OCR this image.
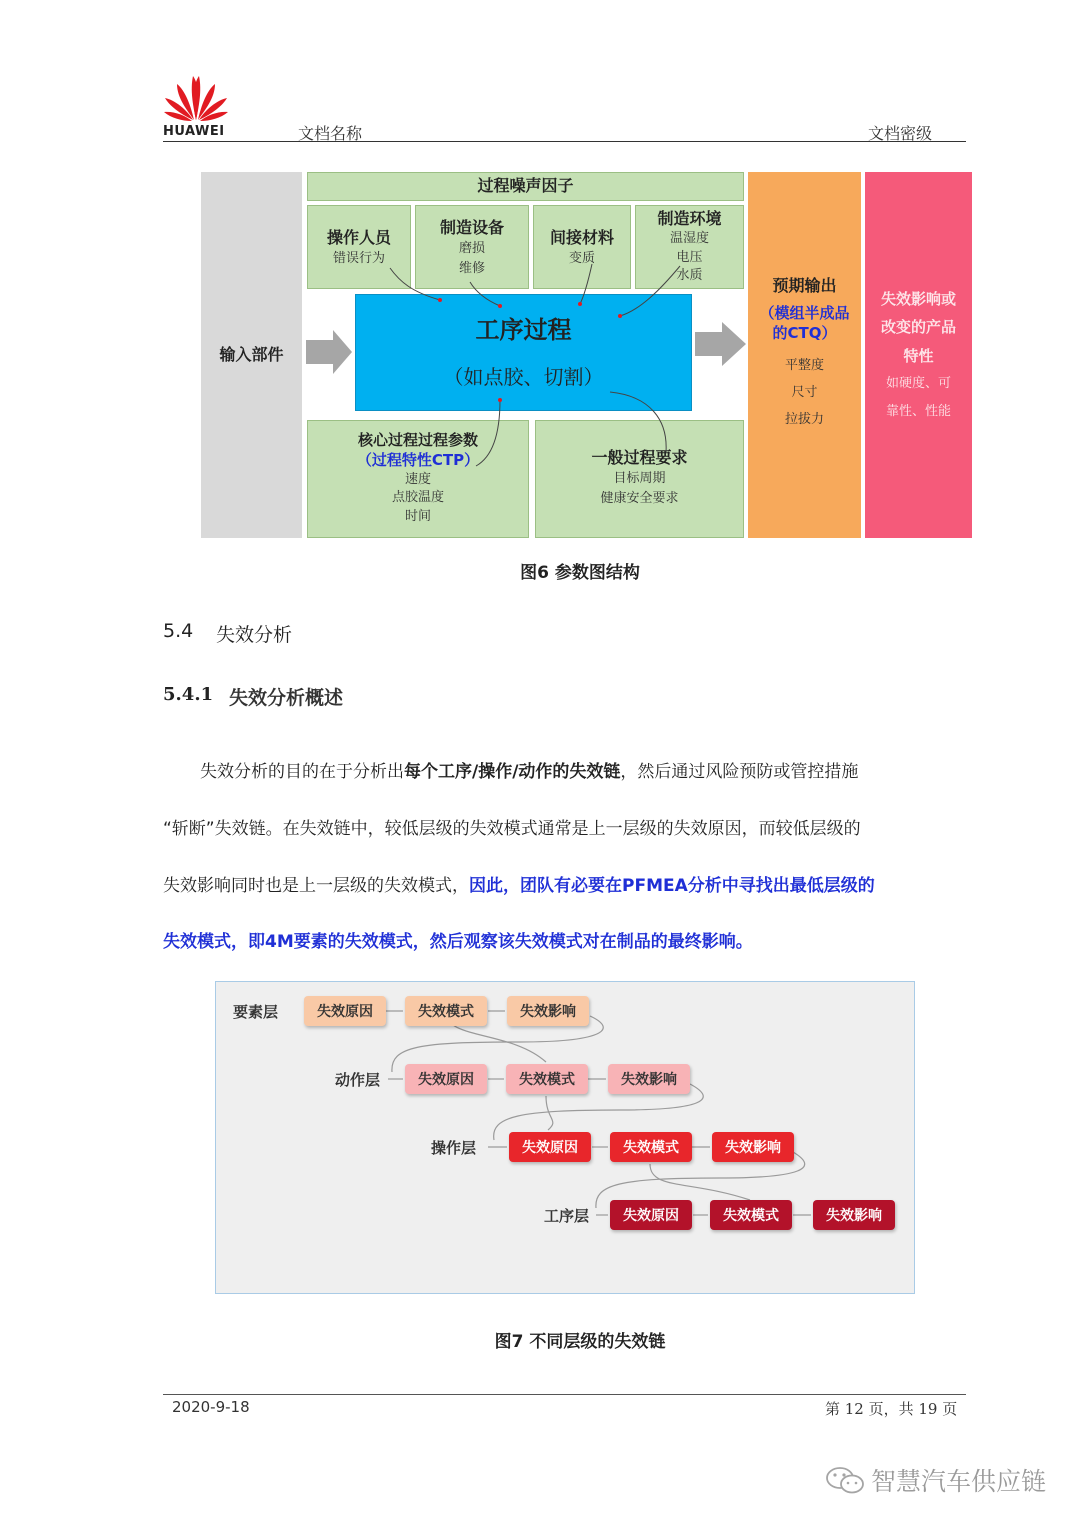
HUAWEI	文档名称	文档密级
输入部件
过程噪声因子
操作人员
错误行为
制造设备
磨损
维修
间接材料
变质
制造环境
温湿度
电压
水质
工序过程
（如点胶、切割）
核心过程过程参数
（过程特性CTP）
速度
点胶温度
时间
一般过程要求
目标周期
健康安全要求
预期输出
（模组半成品
的CTQ）
平整度
尺寸
拉拔力
失效影响或
改变的产品
特性
如硬度、可
靠性、性能
图6 参数图结构
5.4 失效分析
5.4.1 失效分析概述
失效分析的目的在于分析出每个工序/操作/动作的失效链，然后通过风险预防或管控措施
“斩断”失效链。在失效链中，较低层级的失效模式通常是上一层级的失效原因，而较低层级的
失效影响同时也是上一层级的失效模式，因此，团队有必要在PFMEA分析中寻找出最低层级的
失效模式，即4M要素的失效模式，然后观察该失效模式对在制品的最终影响。
要素层	失效原因	失效模式	失效影响
动作层	失效原因	失效模式	失效影响
操作层	失效原因	失效模式	失效影响
工序层	失效原因	失效模式	失效影响
图7 不同层级的失效链
2020-9-18	第 12 页，共 19 页
智慧汽车供应链
